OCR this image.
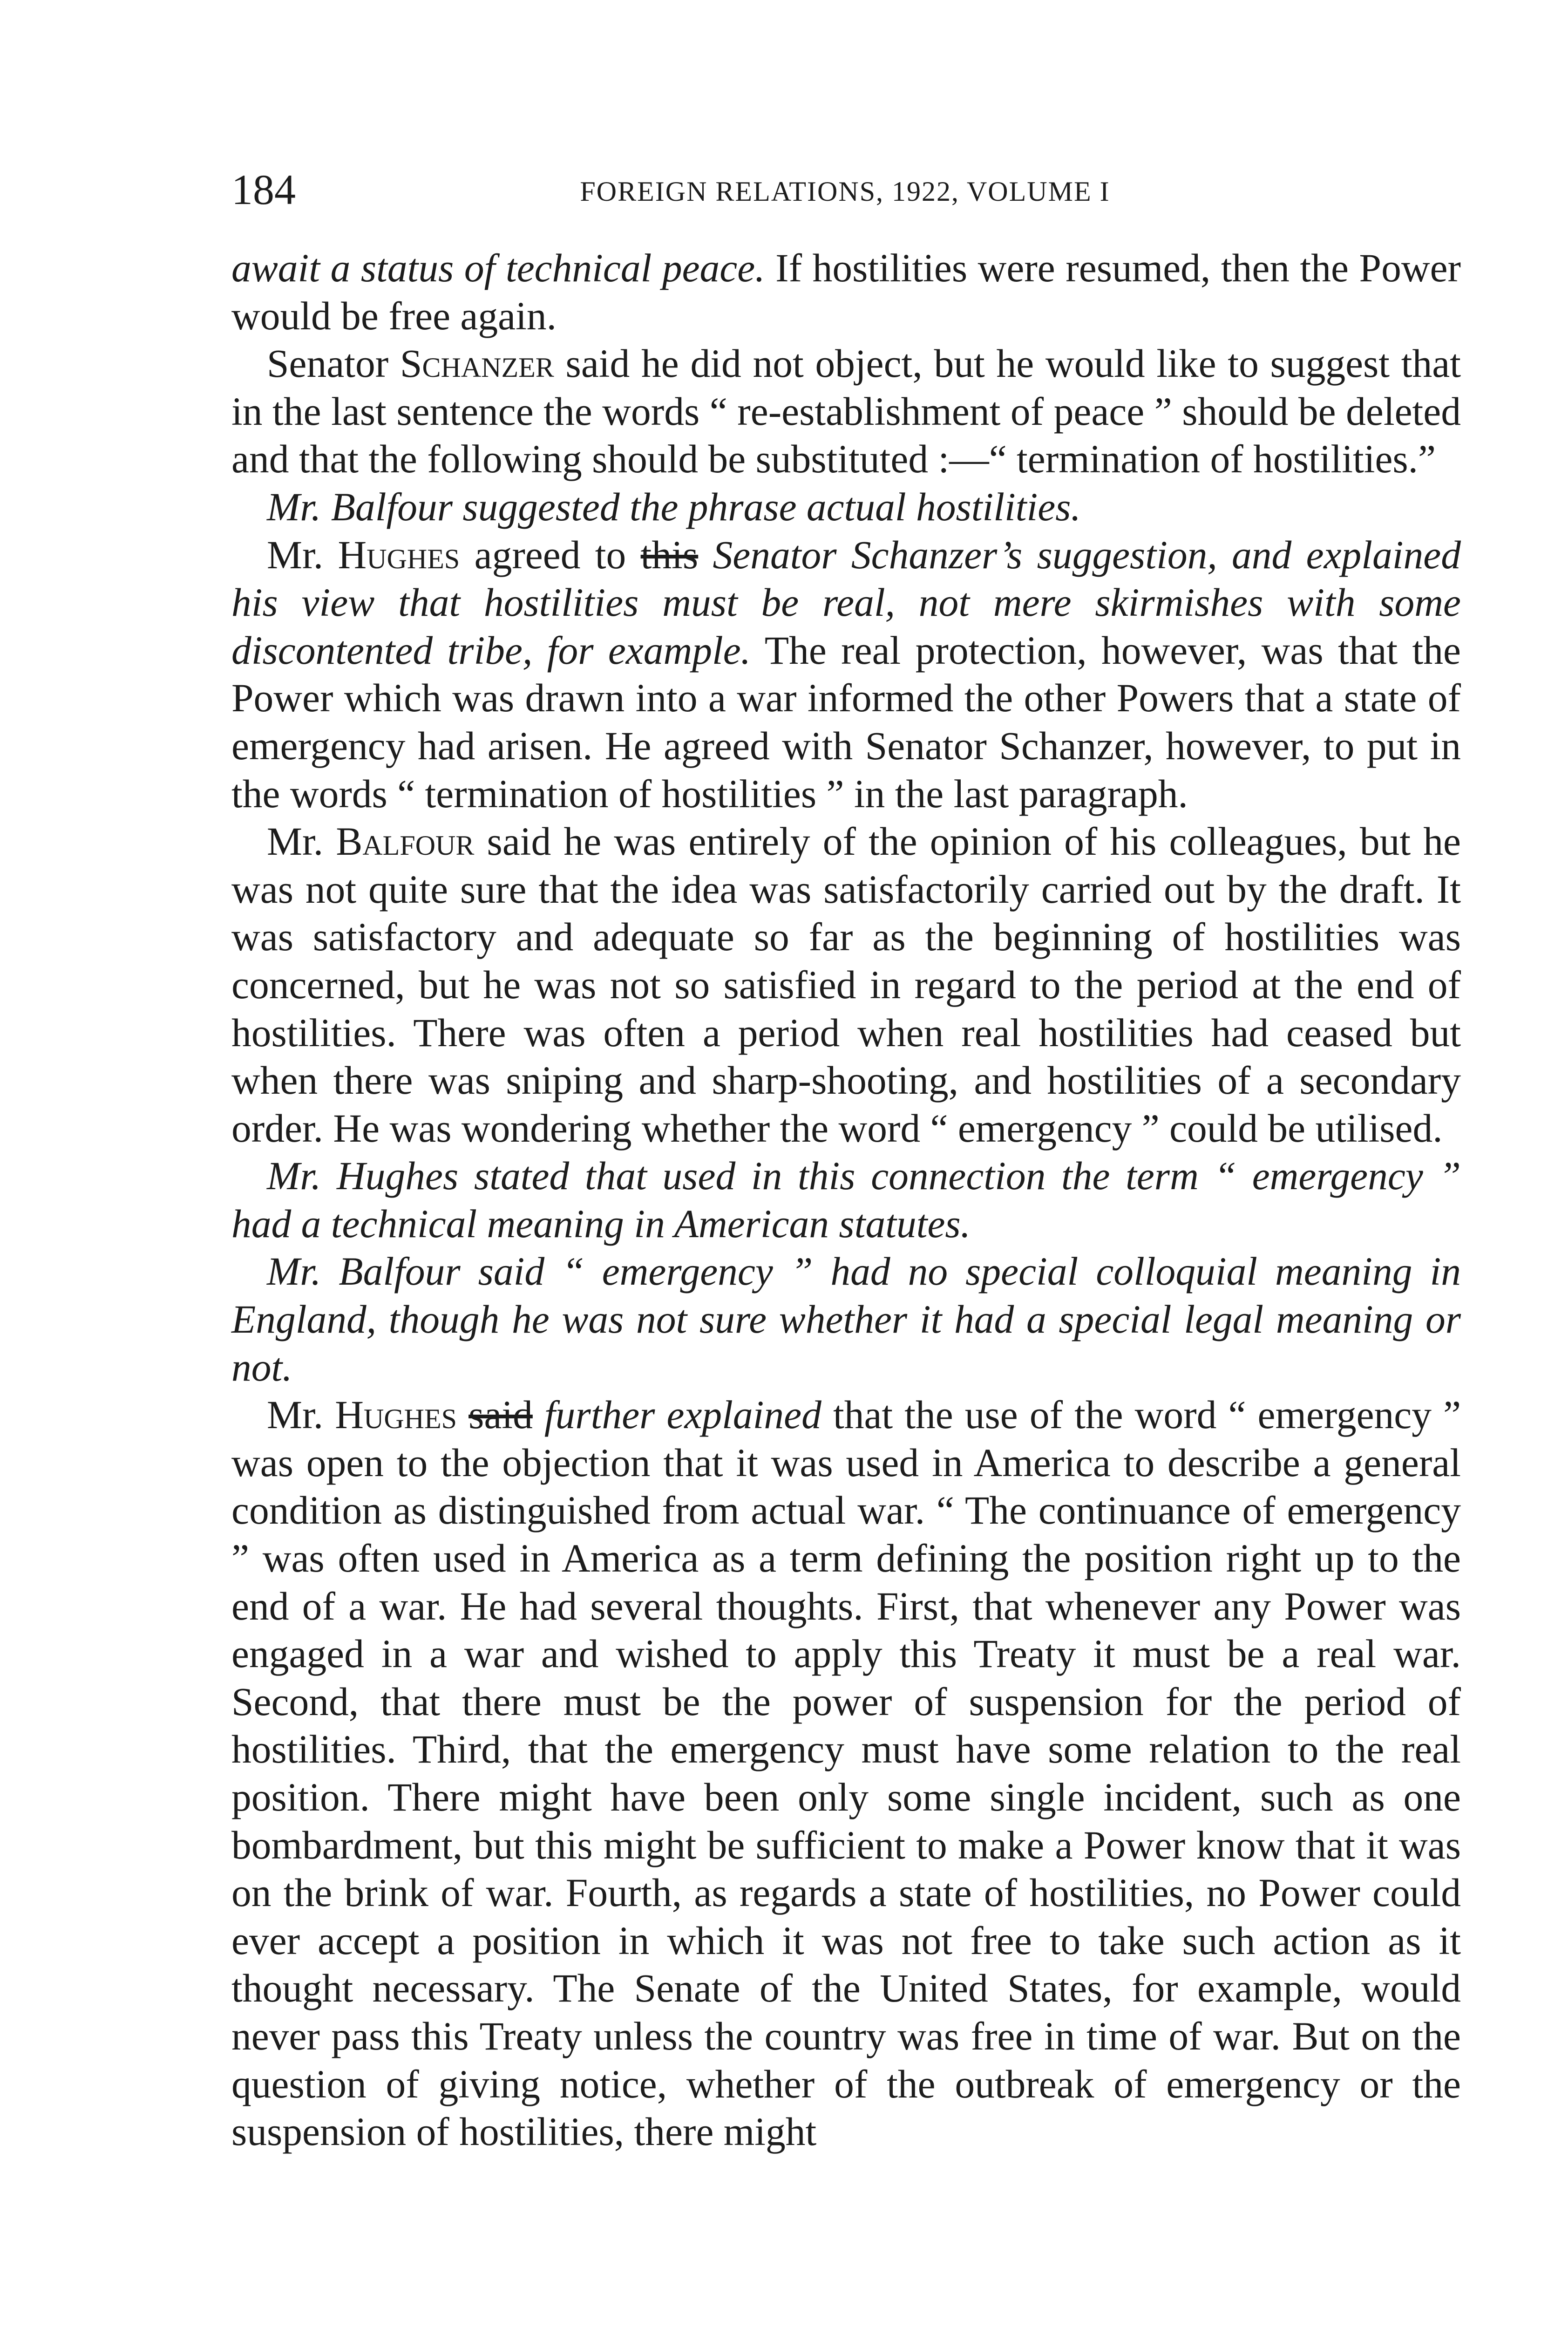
184	FOREIGN RELATIONS, 1922, VOLUME I

await a status of technical peace. If hostilities were resumed, then the Power would be free again.

Senator Schanzer said he did not object, but he would like to suggest that in the last sentence the words “ re-establishment of peace ” should be deleted and that the following should be substituted :—“ termination of hostilities.”

Mr. Balfour suggested the phrase actual hostilities.

Mr. Hughes agreed to this Senator Schanzer’s suggestion, and explained his view that hostilities must be real, not mere skirmishes with some discontented tribe, for example. The real protection, however, was that the Power which was drawn into a war informed the other Powers that a state of emergency had arisen. He agreed with Senator Schanzer, however, to put in the words “ termination of hostilities ” in the last paragraph.

Mr. Balfour said he was entirely of the opinion of his colleagues, but he was not quite sure that the idea was satisfactorily carried out by the draft. It was satisfactory and adequate so far as the beginning of hostilities was concerned, but he was not so satisfied in regard to the period at the end of hostilities. There was often a period when real hostilities had ceased but when there was sniping and sharp-shooting, and hostilities of a secondary order. He was wondering whether the word “ emergency ” could be utilised.

Mr. Hughes stated that used in this connection the term “ emergency ” had a technical meaning in American statutes.

Mr. Balfour said “ emergency ” had no special colloquial meaning in England, though he was not sure whether it had a special legal meaning or not.

Mr. Hughes said further explained that the use of the word “ emergency ” was open to the objection that it was used in America to describe a general condition as distinguished from actual war. “ The continuance of emergency ” was often used in America as a term defining the position right up to the end of a war. He had several thoughts. First, that whenever any Power was engaged in a war and wished to apply this Treaty it must be a real war. Second, that there must be the power of suspension for the period of hostilities. Third, that the emergency must have some relation to the real position. There might have been only some single incident, such as one bombardment, but this might be sufficient to make a Power know that it was on the brink of war. Fourth, as regards a state of hostilities, no Power could ever accept a position in which it was not free to take such action as it thought necessary. The Senate of the United States, for example, would never pass this Treaty unless the country was free in time of war. But on the question of giving notice, whether of the outbreak of emergency or the suspension of hostilities, there might
